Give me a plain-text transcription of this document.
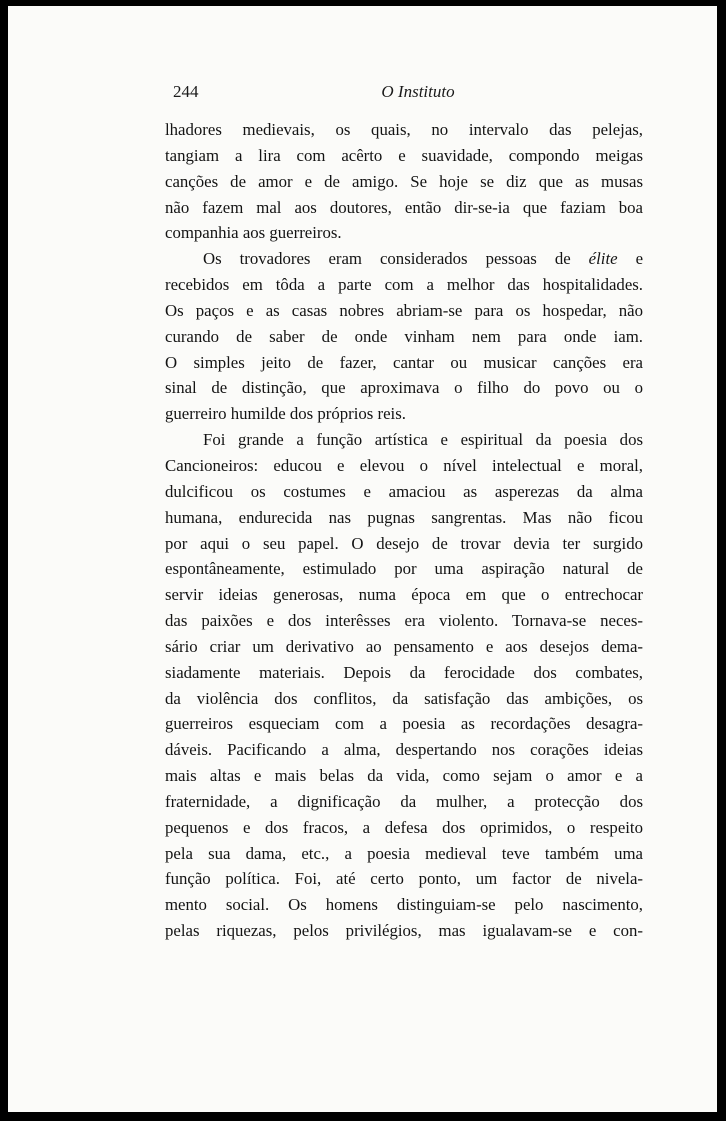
244	O Instituto

lhadores medievais, os quais, no intervalo das pelejas,

tangiam a lira com acêrto e suavidade, compondo meigas

canções de amor e de amigo. Se hoje se diz que as musas

não fazem mal aos doutores, então dir-se-ia que faziam boa

companhia aos guerreiros.

Os trovadores eram considerados pessoas de élite e

recebidos em tôda a parte com a melhor das hospitalidades.

Os paços e as casas nobres abriam-se para os hospedar, não

curando de saber de onde vinham nem para onde iam.

O simples jeito de fazer, cantar ou musicar canções era

sinal de distinção, que aproximava o filho do povo ou o

guerreiro humilde dos próprios reis.

Foi grande a função artística e espiritual da poesia dos

Cancioneiros: educou e elevou o nível intelectual e moral,

dulcificou os costumes e amaciou as asperezas da alma

humana, endurecida nas pugnas sangrentas. Mas não ficou

por aqui o seu papel. O desejo de trovar devia ter surgido

espontâneamente, estimulado por uma aspiração natural de

servir ideias generosas, numa época em que o entrechocar

das paixões e dos interêsses era violento. Tornava-se neces-

sário criar um derivativo ao pensamento e aos desejos dema-

siadamente materiais. Depois da ferocidade dos combates,

da violência dos conflitos, da satisfação das ambições, os

guerreiros esqueciam com a poesia as recordações desagra-

dáveis. Pacificando a alma, despertando nos corações ideias

mais altas e mais belas da vida, como sejam o amor e a

fraternidade, a dignificação da mulher, a protecção dos

pequenos e dos fracos, a defesa dos oprimidos, o respeito

pela sua dama, etc., a poesia medieval teve também uma

função política. Foi, até certo ponto, um factor de nivela-

mento social. Os homens distinguiam-se pelo nascimento,

pelas riquezas, pelos privilégios, mas igualavam-se e con-
